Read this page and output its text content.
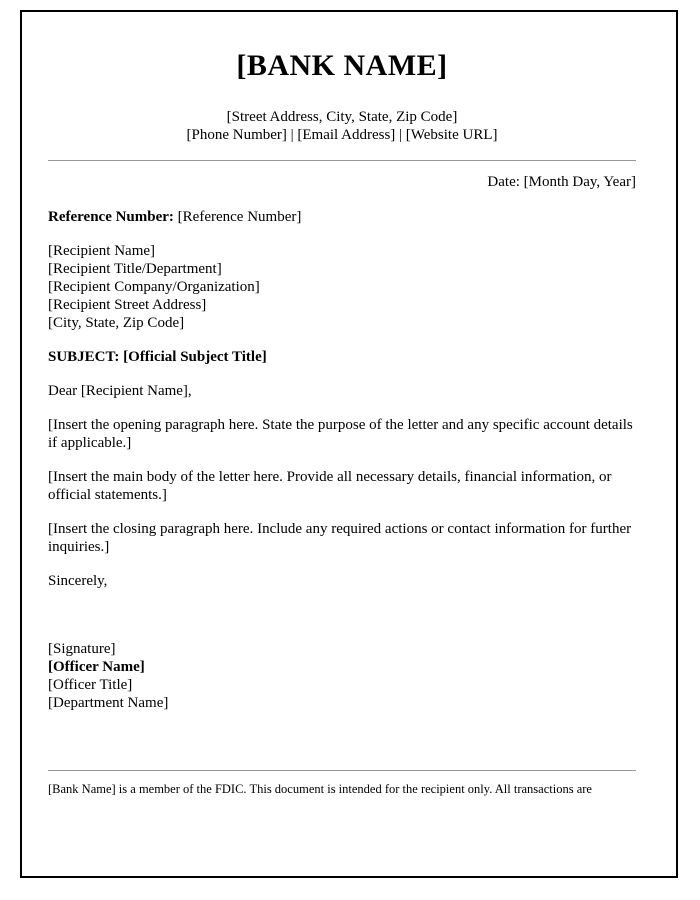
[BANK NAME]
[Street Address, City, State, Zip Code]
[Phone Number] | [Email Address] | [Website URL]
Date: [Month Day, Year]

Reference Number: [Reference Number]

[Recipient Name]
[Recipient Title/Department]
[Recipient Company/Organization]
[Recipient Street Address]
[City, State, Zip Code]

SUBJECT: [Official Subject Title]

Dear [Recipient Name],

[Insert the opening paragraph here. State the purpose of the letter and any specific account details if applicable.]

[Insert the main body of the letter here. Provide all necessary details, financial information, or official statements.]

[Insert the closing paragraph here. Include any required actions or contact information for further inquiries.]

Sincerely,

[Signature]
[Officer Name]
[Officer Title]
[Department Name]

[Bank Name] is a member of the FDIC. This document is intended for the recipient only. All transactions are
